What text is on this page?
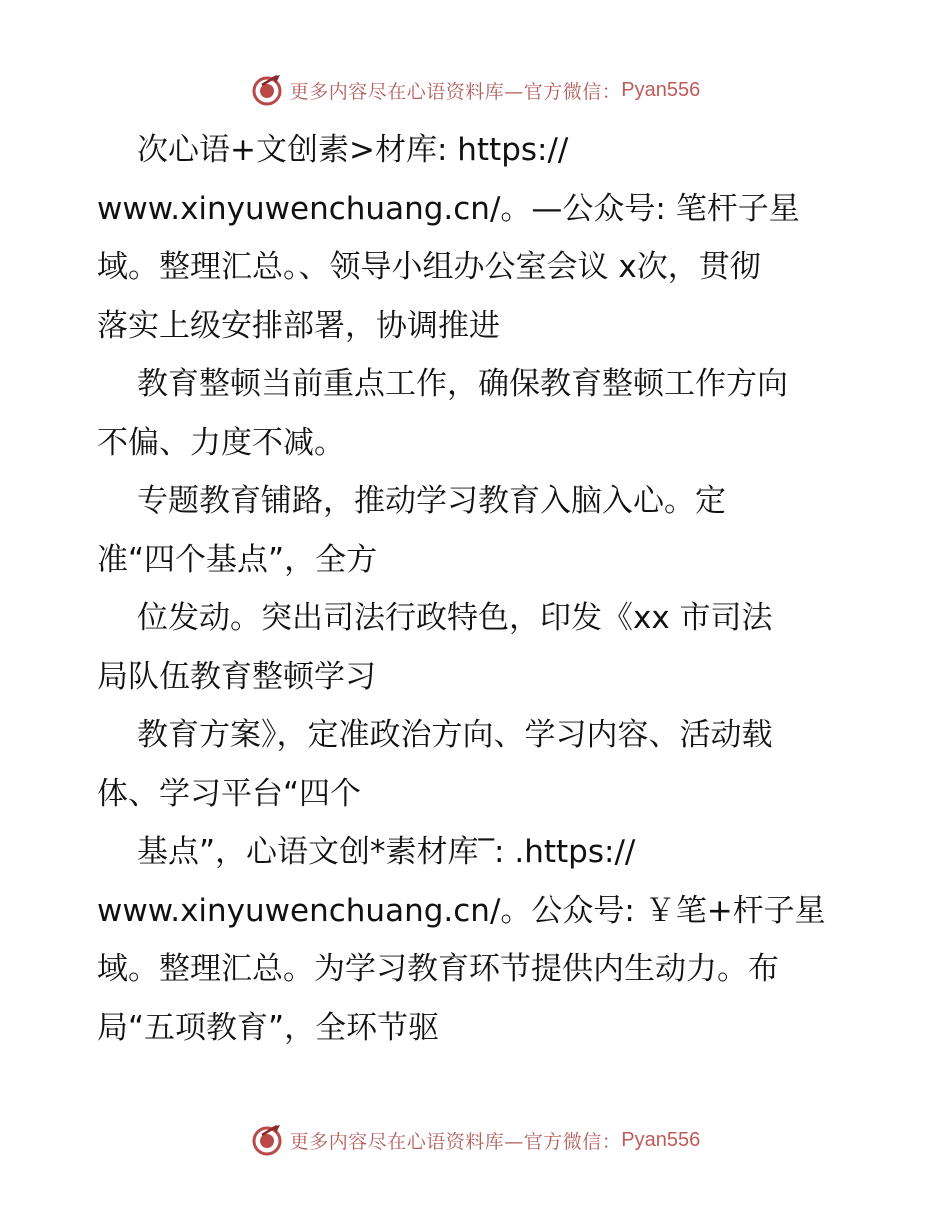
更多内容尽在心语资料库—官方微信： Pyan556
次心语+文创素>材库: https://
www.xinyuwenchuang.cn/。—公众号: 笔杆子星
域。整理汇总。、领导小组办公室会议 x次，贯彻
落实上级安排部署，协调推进
教育整顿当前重点工作，确保教育整顿工作方向
不偏、力度不减。
专题教育铺路，推动学习教育入脑入心。定
准“四个基点”，全方
位发动。突出司法行政特色，印发《xx 市司法
局队伍教育整顿学习
教育方案》，定准政治方向、学习内容、活动载
体、学习平台“四个
基点”，心语文创*素材库‾: .https://
www.xinyuwenchuang.cn/。公众号: ￥笔+杆子星
域。整理汇总。为学习教育环节提供内生动力。布
局“五项教育”，全环节驱
更多内容尽在心语资料库—官方微信： Pyan556
